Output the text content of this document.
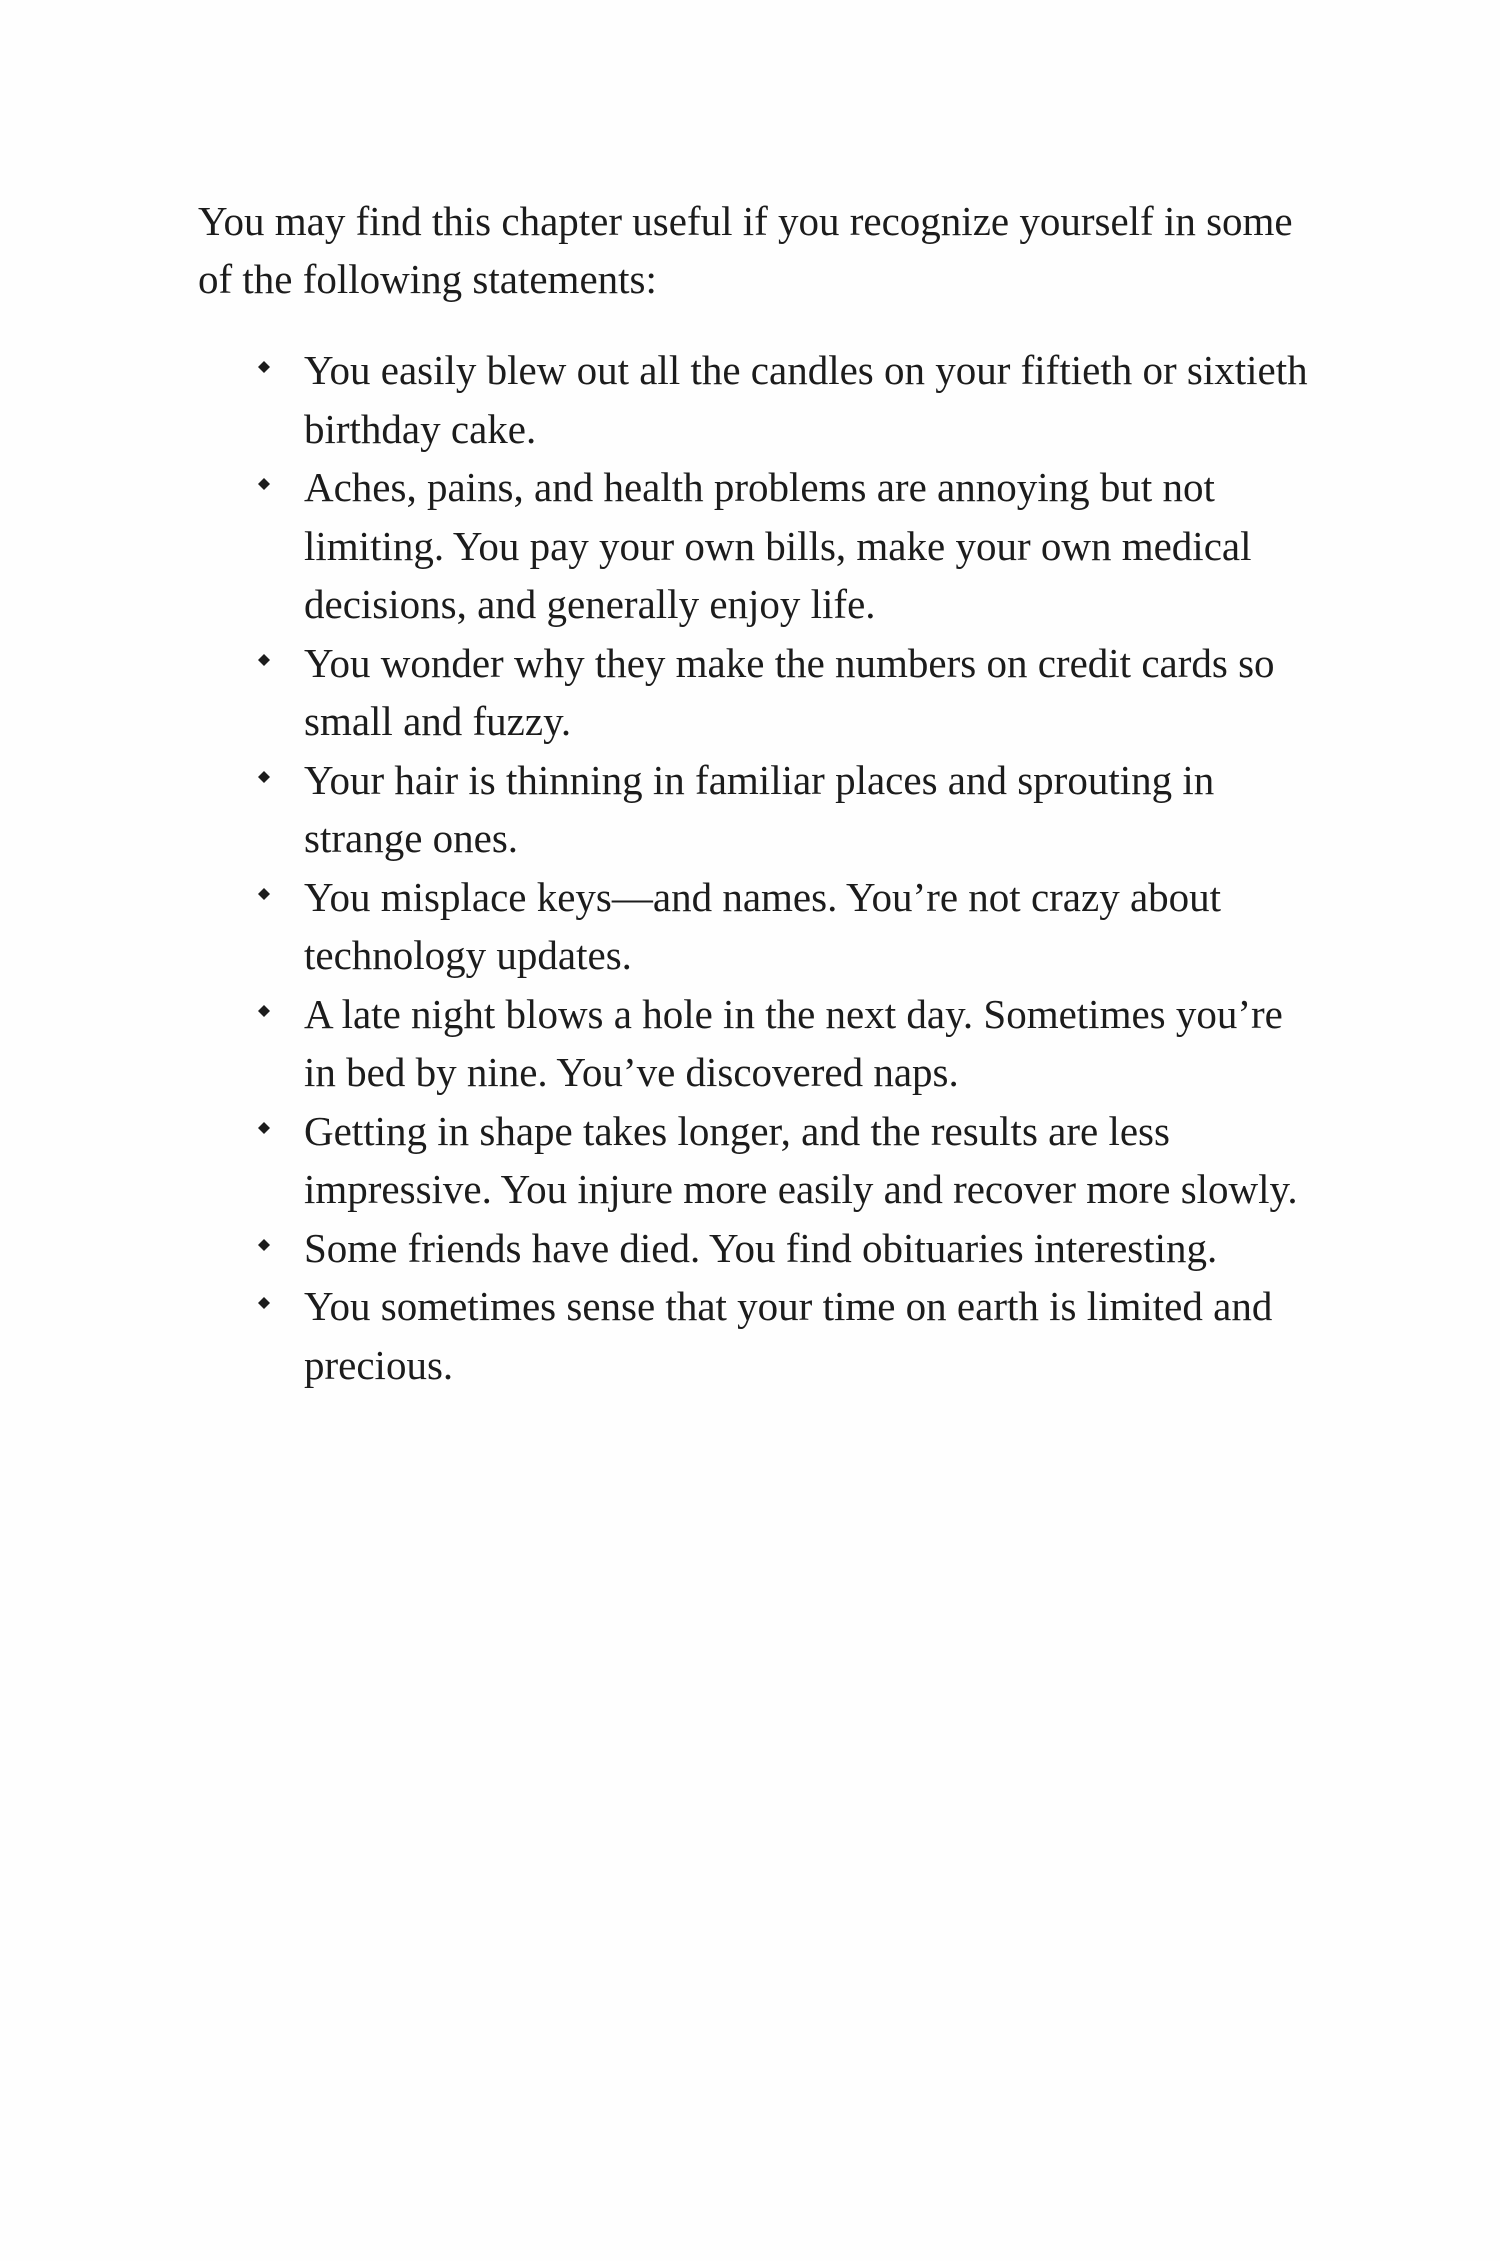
You may find this chapter useful if you recognize yourself in some of the following statements:

You easily blew out all the candles on your fiftieth or sixtieth birthday cake.
Aches, pains, and health problems are annoying but not limiting. You pay your own bills, make your own medical decisions, and generally enjoy life.
You wonder why they make the numbers on credit cards so small and fuzzy.
Your hair is thinning in familiar places and sprouting in strange ones.
You misplace keys—and names. You’re not crazy about technology updates.
A late night blows a hole in the next day. Sometimes you’re in bed by nine. You’ve discovered naps.
Getting in shape takes longer, and the results are less impressive. You injure more easily and recover more slowly.
Some friends have died. You find obituaries interesting.
You sometimes sense that your time on earth is limited and precious.
